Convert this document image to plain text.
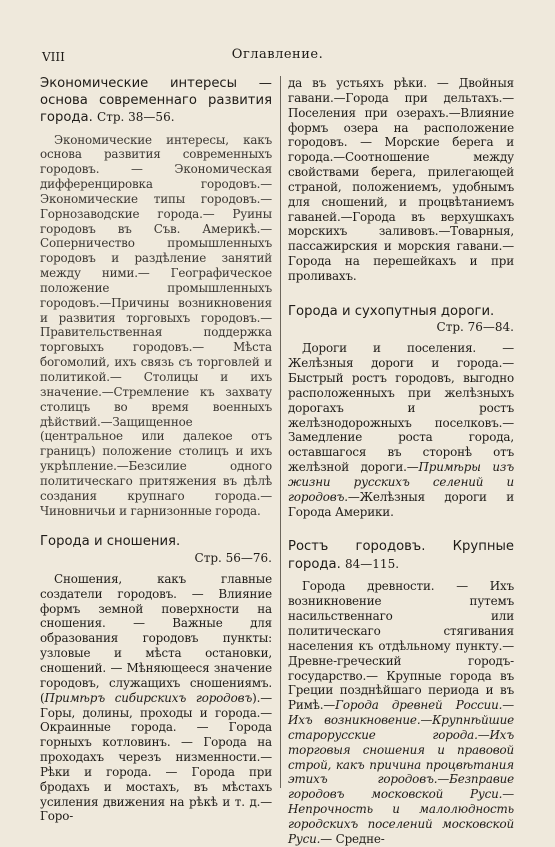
VIII	Оглавление.
Экономические интересы — основа современнаго развития города. Стр. 38—56.

Экономические интересы, какъ основа развития современныхъ городовъ. — Экономическая дифференцировка городовъ.—Экономические типы городовъ.— Горнозаводские города.— Руины городовъ въ Съв. Америкѣ.— Соперничество промышленныхъ городовъ и раздѣление занятий между ними.— Географическое положение промышленныхъ городовъ.—Причины возникновения и развития торговыхъ городовъ.—Правительственная поддержка торговыхъ городовъ.— Мѣста богомолий, ихъ связь съ торговлей и политикой.— Столицы и ихъ значение.—Стремление къ захвату столицъ во время военныхъ дѣйствий.—Защищенное (центральное или далекое отъ границъ) положение столицъ и ихъ укрѣпление.—Безсилие одного политическаго притяжения въ дѣлѣ создания крупнаго города.— Чиновничьи и гарнизонные города.

Города и сношения.
Стр. 56—76.

Сношения, какъ главные создатели городовъ. — Влияние формъ земной поверхности на сношения. — Важные для образования городовъ пункты: узловые и мѣста остановки, сношений. — Мѣняющееся значение городовъ, служащихъ сношениямъ. (Примѣръ сибирскихъ городовъ).— Горы, долины, проходы и города.—Окраинные города. — Города горныхъ котловинъ. — Города на проходахъ черезъ низменности.—Рѣки и города. — Города при бродахъ и мостахъ, въ мѣстахъ усиления движения на рѣкѣ и т. д.—Горо-

да въ устьяхъ рѣки. — Двойныя гавани.—Города при дельтахъ.— Поселения при озерахъ.—Влияние формъ озера на расположение городовъ. — Морские берега и города.—Соотношение между свойствами берега, прилегающей страной, положениемъ, удобнымъ для сношений, и процвѣтаниемъ гаваней.—Города въ верхушкахъ морскихъ заливовъ.—Товарныя, пассажирския и морския гавани.— Города на перешейкахъ и при проливахъ.

Города и сухопутныя дороги.
Стр. 76—84.

Дороги и поселения. — Желѣзныя дороги и города.—Быстрый ростъ городовъ, выгодно расположенныхъ при желѣзныхъ дорогахъ и ростъ желѣзнодорожныхъ поселковъ.—Замедление роста города, оставшагося въ сторонѣ отъ желѣзной дороги.—Примѣры изъ жизни русскихъ селений и городовъ.—Желѣзныя дороги и Города Америки.

Ростъ городовъ. Крупные города. 84—115.

Города древности. — Ихъ возникновение путемъ насильственнаго или политическаго стягивания населения къ отдѣльному пункту.— Древне-греческий городъ-государство.— Крупные города въ Греции позднѣйшаго периода и въ Римѣ.—Города древней России.—Ихъ возникновение.—Крупнѣйшие старорусские города.—Ихъ торговыя сношения и правовой строй, какъ причина процвѣтания этихъ городовъ.—Безправие городовъ московской Руси.—Непрочность и малолюдность городскихъ поселений московской Руси.— Средне-
